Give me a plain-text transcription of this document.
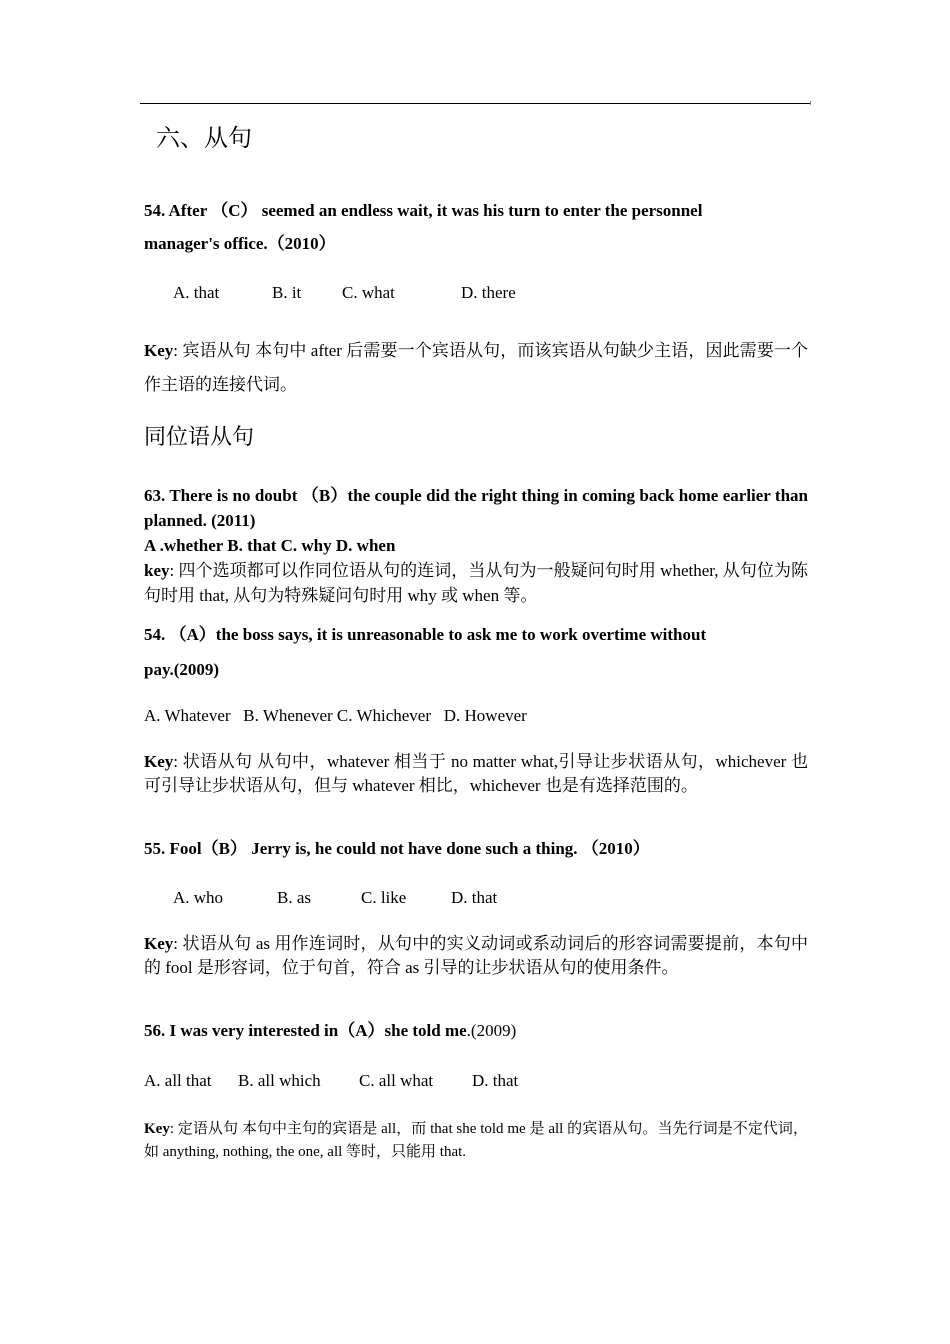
六、从句
54. After （C） seemed an endless wait, it was his turn to enter the personnel
manager's office.（2010）
A. that	B. it C. what	D. there
Key: 宾语从句 本句中 after 后需要一个宾语从句，而该宾语从句缺少主语，因此需要一个作主语的连接代词。
同位语从句
63. There is no doubt （B）the couple did the right thing in coming back home earlier than planned. (2011)
A .whether B. that C. why D. when
key: 四个选项都可以作同位语从句的连词，当从句为一般疑问句时用 whether, 从句位为陈句时用 that, 从句为特殊疑问句时用 why 或 when 等。
54. （A）the boss says, it is unreasonable to ask me to work overtime without
pay.(2009)
A. Whatever   B. Whenever C. Whichever   D. However
Key: 状语从句 从句中，whatever 相当于 no matter what,引导让步状语从句，whichever 也可引导让步状语从句，但与 whatever 相比，whichever 也是有选择范围的。
55. Fool（B） Jerry is, he could not have done such a thing. （2010）
A. who	B. as	C. like	D. that
Key: 状语从句 as 用作连词时，从句中的实义动词或系动词后的形容词需要提前，本句中的 fool 是形容词，位于句首，符合 as 引导的让步状语从句的使用条件。
56. I was very interested in（A）she told me.(2009)
A. all that B. all which C. all what D. that
Key: 定语从句 本句中主句的宾语是 all，而 that she told me 是 all 的宾语从句。当先行词是不定代词，如 anything, nothing, the one, all 等时，只能用 that.
